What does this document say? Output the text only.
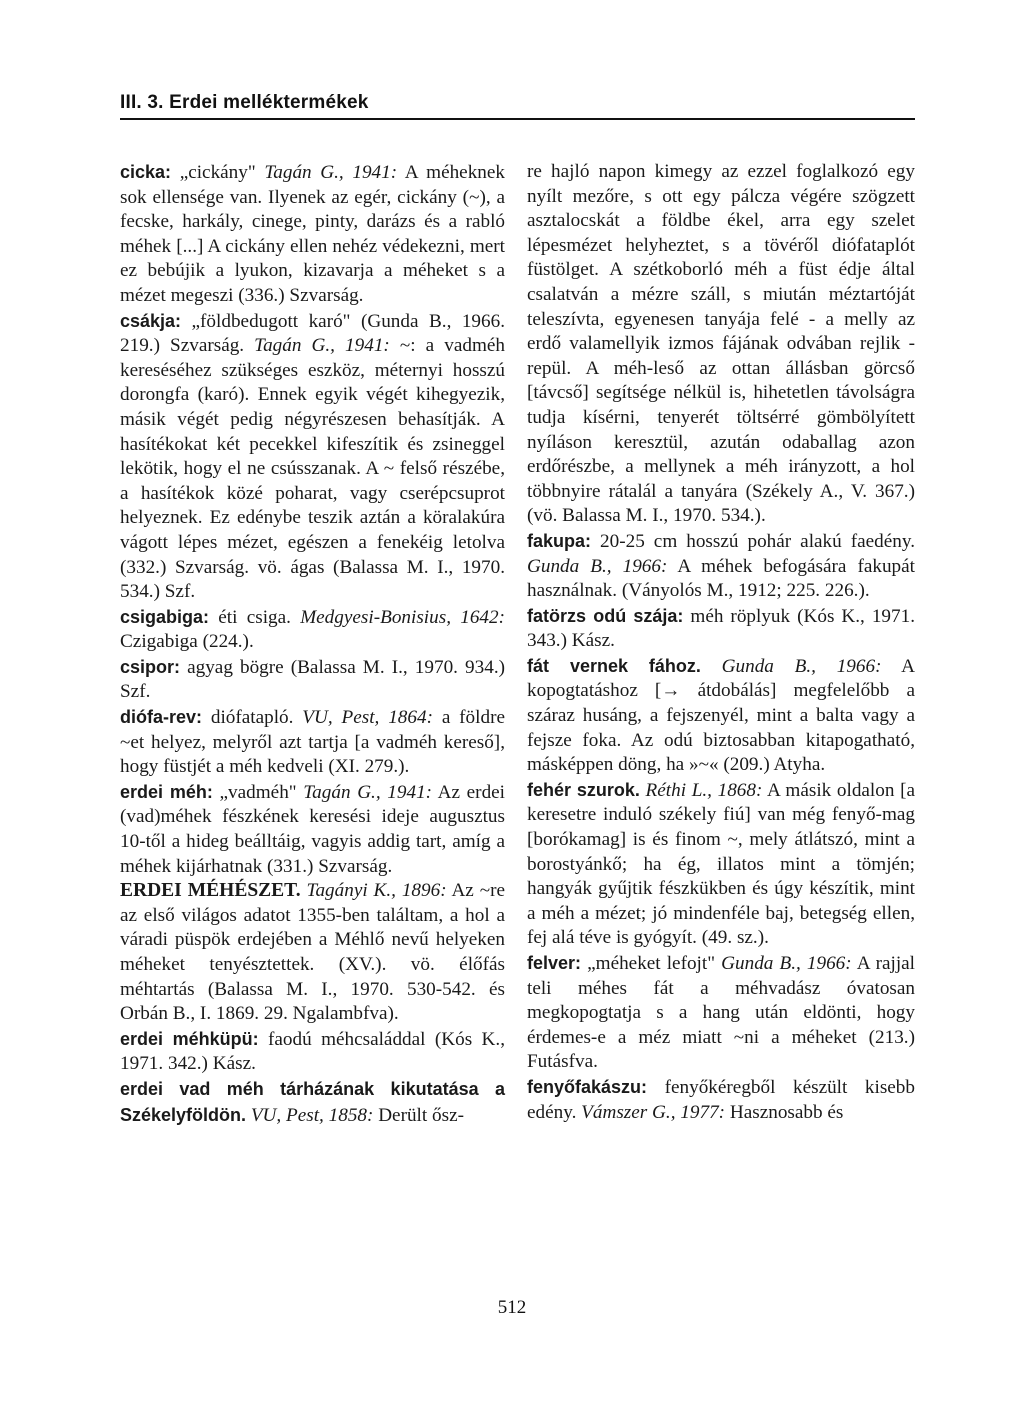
III. 3. Erdei melléktermékek

cicka: „cickány" Tagán G., 1941: A méheknek sok ellensége van. Ilyenek az egér, cickány (~), a fecske, harkály, cinege, pinty, darázs és a rabló méhek [...] A cickány ellen nehéz védekezni, mert ez bebújik a lyukon, kizavarja a méheket s a mézet megeszi (336.) Szvarság.

csákja: „földbedugott karó" (Gunda B., 1966. 219.) Szvarság. Tagán G., 1941: ~: a vadméh kereséséhez szükséges eszköz, méternyi hosszú dorongfa (karó). Ennek egyik végét kihegyezik, másik végét pedig négyrészesen behasítják. A hasítékokat két pecekkel kifeszítik és zsineggel lekötik, hogy el ne csússzanak. A ~ felső részébe, a hasítékok közé poharat, vagy cserépcsuprot helyeznek. Ez edénybe teszik aztán a köralakúra vágott lépes mézet, egészen a fenekéig letolva (332.) Szvarság. vö. ágas (Balassa M. I., 1970. 534.) Szf.

csigabiga: éti csiga. Medgyesi-Bonisius, 1642: Czigabiga (224.).

csipor: agyag bögre (Balassa M. I., 1970. 934.) Szf.

diófa-rev: diófatapló. VU, Pest, 1864: a földre ~et helyez, melyről azt tartja [a vadméh kereső], hogy füstjét a méh kedveli (XI. 279.).

erdei méh: „vadméh" Tagán G., 1941: Az erdei (vad)méhek fészkének keresési ideje augusztus 10-től a hideg beálltáig, vagyis addig tart, amíg a méhek kijárhatnak (331.) Szvarság.

ERDEI MÉHÉSZET. Tagányi K., 1896: Az ~re az első világos adatot 1355-ben találtam, a hol a váradi püspök erdejében a Méhlő nevű helyeken méheket tenyésztettek. (XV.). vö. élőfás méhtartás (Balassa M. I., 1970. 530-542. és Orbán B., I. 1869. 29. Ngalambfva).

erdei méhküpü: faodú méhcsaláddal (Kós K., 1971. 342.) Kász.

erdei vad méh tárházának kikutatása a Székelyföldön. VU, Pest, 1858: Derült ősz-

re hajló napon kimegy az ezzel foglalkozó egy nyílt mezőre, s ott egy pálcza végére szögzett asztalocskát a földbe ékel, arra egy szelet lépesmézet helyheztet, s a tövéről diófataplót füstölget. A szétkoborló méh a füst édje által csalatván a mézre száll, s miután méztartóját teleszívta, egyenesen tanyája felé - a melly az erdő valamellyik izmos fájának odvában rejlik - repül. A méh-leső az ottan állásban görcső [távcső] segítsége nélkül is, hihetetlen távolságra tudja kísérni, tenyerét töltsérré gömbölyített nyíláson keresztül, azután odaballag azon erdőrészbe, a mellynek a méh irányzott, a hol többnyire rátalál a tanyára (Székely A., V. 367.) (vö. Balassa M. I., 1970. 534.).

fakupa: 20-25 cm hosszú pohár alakú faedény. Gunda B., 1966: A méhek befogására fakupát használnak. (Ványolós M., 1912; 225. 226.).

fatörzs odú szája: méh röplyuk (Kós K., 1971. 343.) Kász.

fát vernek fához. Gunda B., 1966: A kopogtatáshoz [→ átdobálás] megfelelőbb a száraz husáng, a fejszenyél, mint a balta vagy a fejsze foka. Az odú biztosabban kitapogatható, másképpen döng, ha »~« (209.) Atyha.

fehér szurok. Réthi L., 1868: A másik oldalon [a keresetre induló székely fiú] van még fenyő-mag [borókamag] is és finom ~, mely átlátszó, mint a borostyánkő; ha ég, illatos mint a tömjén; hangyák gyűjtik fészkükben és úgy készítik, mint a méh a mézet; jó mindenféle baj, betegség ellen, fej alá téve is gyógyít. (49. sz.).

felver: „méheket lefojt" Gunda B., 1966: A rajjal teli méhes fát a méhvadász óvatosan megkopogtatja s a hang után eldönti, hogy érdemes-e a méz miatt ~ni a méheket (213.) Futásfva.

fenyőfakászu: fenyőkéregből készült kisebb edény. Vámszer G., 1977: Hasznosabb és

512
